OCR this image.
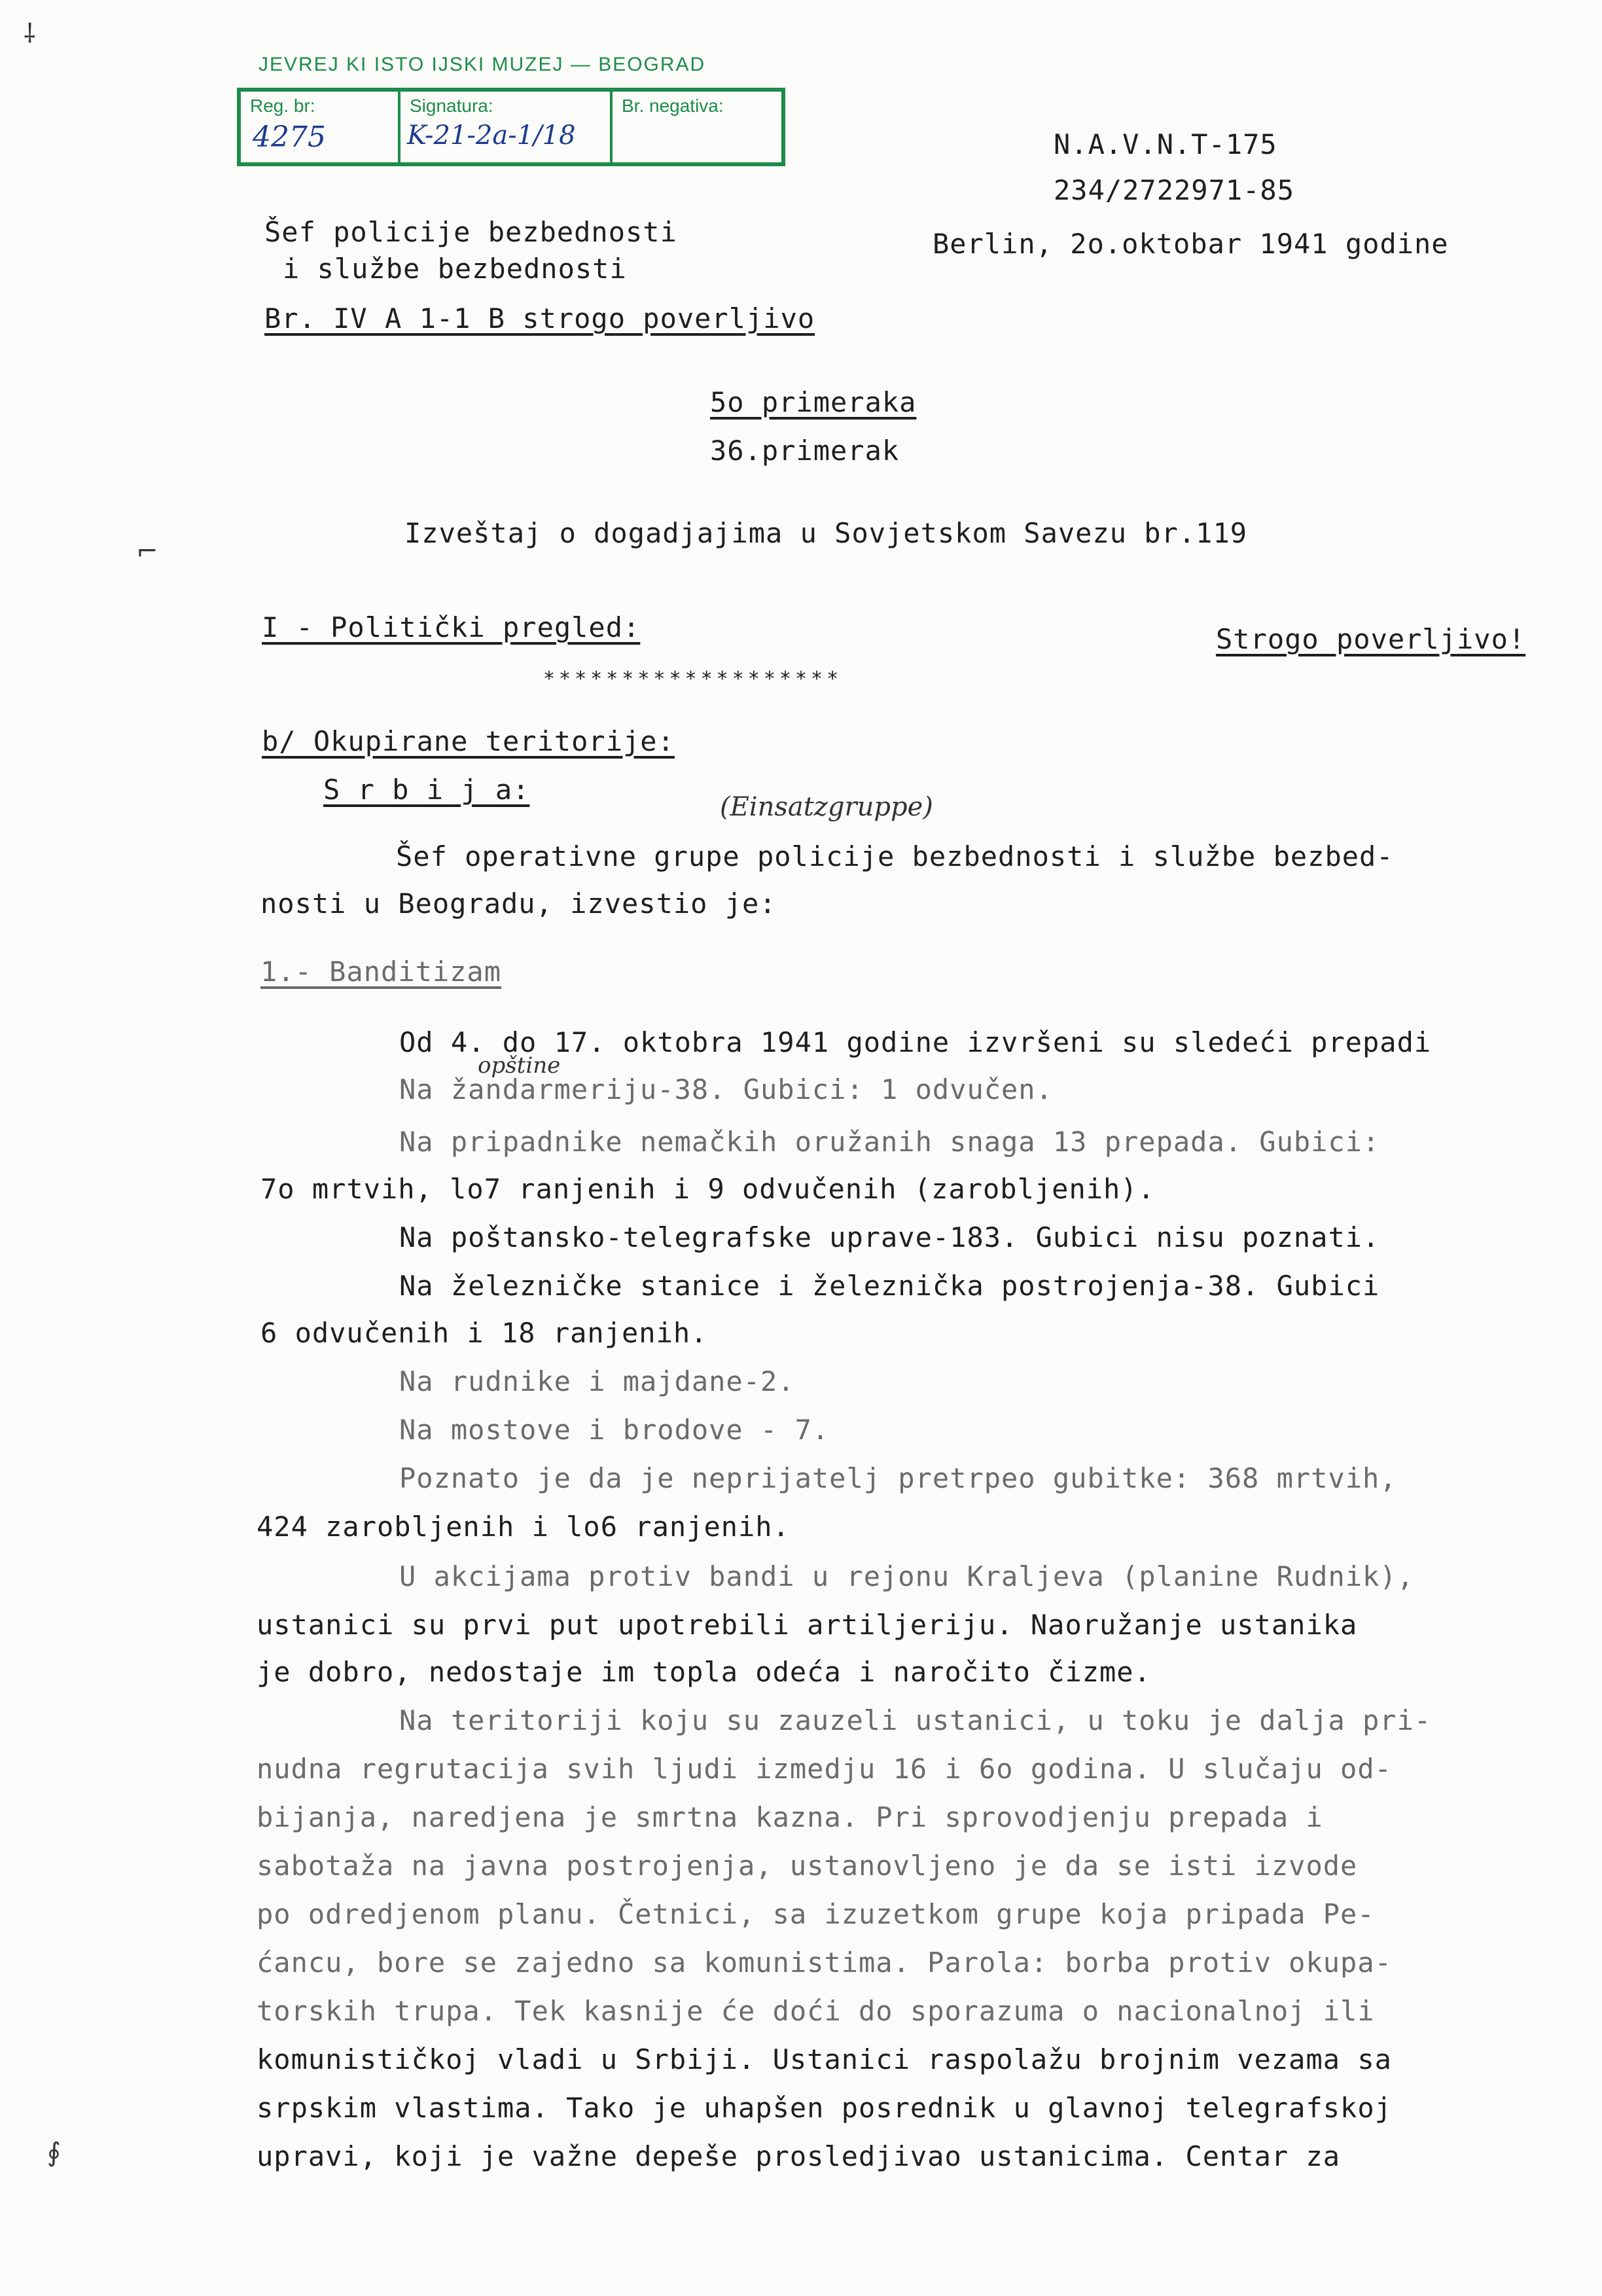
⸸
⌐
∮
JEVREJ KI ISTO IJSKI MUZEJ — BEOGRAD
Reg. br:
4275
Signatura:
K-21-2a-1/18
Br. negativa:
N.A.V.N.T-175
234/2722971-85
Berlin, 2o.oktobar 1941 godine
Šef policije bezbednosti
i službe bezbednosti
Br. IV A 1-1 B strogo poverljivo
5o primeraka
36.primerak
Izveštaj o dogadjajima u Sovjetskom Savezu br.119
I - Politički pregled:	Strogo poverljivo!
*******************
b/ Okupirane teritorije:
S r b i j a:
(Einsatzgruppe)
Šef operativne grupe policije bezbednosti i službe bezbed-
nosti u Beogradu, izvestio je:
1.- Banditizam
opštine
Od 4. do 17. oktobra 1941 godine izvršeni su sledeći prepadi
Na žandarmeriju-38. Gubici: 1 odvučen.
Na pripadnike nemačkih oružanih snaga 13 prepada. Gubici:
7o mrtvih, lo7 ranjenih i 9 odvučenih (zarobljenih).
Na poštansko-telegrafske uprave-183. Gubici nisu poznati.
Na železničke stanice i železnička postrojenja-38. Gubici
6 odvučenih i 18 ranjenih.
Na rudnike i majdane-2.
Na mostove i brodove - 7.
Poznato je da je neprijatelj pretrpeo gubitke: 368 mrtvih,
424 zarobljenih i lo6 ranjenih.
U akcijama protiv bandi u rejonu Kraljeva (planine Rudnik),
ustanici su prvi put upotrebili artiljeriju. Naoružanje ustanika
je dobro, nedostaje im topla odeća i naročito čizme.
Na teritoriji koju su zauzeli ustanici, u toku je dalja pri-
nudna regrutacija svih ljudi izmedju 16 i 6o godina. U slučaju od-
bijanja, naredjena je smrtna kazna. Pri sprovodjenju prepada i
sabotaža na javna postrojenja, ustanovljeno je da se isti izvode
po odredjenom planu. Četnici, sa izuzetkom grupe koja pripada Pe-
ćancu, bore se zajedno sa komunistima. Parola: borba protiv okupa-
torskih trupa. Tek kasnije će doći do sporazuma o nacionalnoj ili
komunističkoj vladi u Srbiji. Ustanici raspolažu brojnim vezama sa
srpskim vlastima. Tako je uhapšen posrednik u glavnoj telegrafskoj
upravi, koji je važne depeše prosledjivao ustanicima. Centar za
